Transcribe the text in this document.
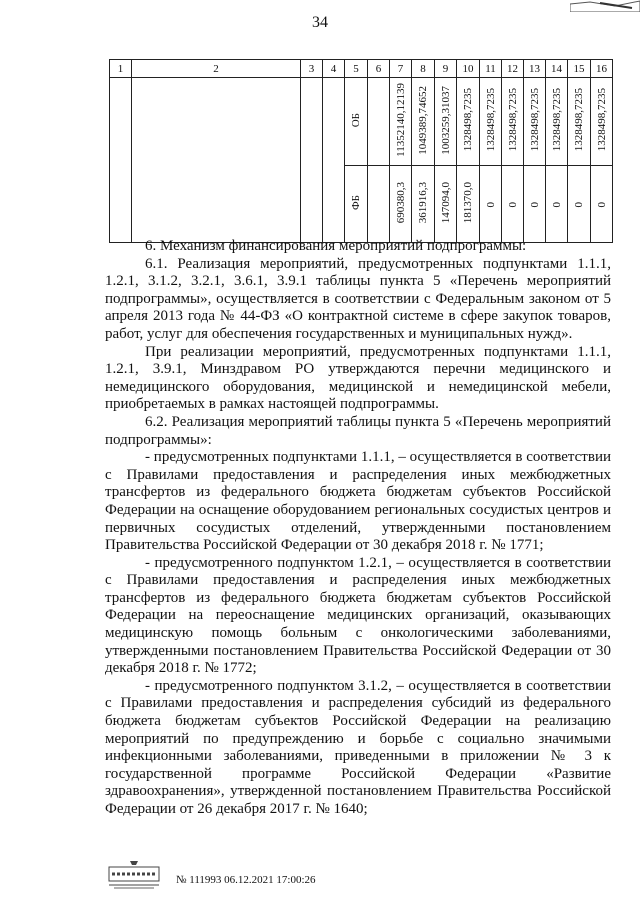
34
1	2	3	4	5	6	7	8	9	10	11	12	13	14	15	16
				ОБ		11352140,12139	1049389,74652	1003259,31037	1328498,7235	1328498,7235	1328498,7235	1328498,7235	1328498,7235	1328498,7235	1328498,7235
				ФБ		690380,3	361916,3	147094,0	181370,0	0	0	0	0	0	0

6. Механизм финансирования мероприятий подпрограммы:

6.1. Реализация мероприятий, предусмотренных подпунктами 1.1.1, 1.2.1, 3.1.2, 3.2.1, 3.6.1, 3.9.1 таблицы пункта 5 «Перечень мероприятий подпрограммы», осуществляется в соответствии с Федеральным законом от 5 апреля 2013 года № 44-ФЗ «О контрактной системе в сфере закупок товаров, работ, услуг для обеспечения государственных и муниципальных нужд».

При реализации мероприятий, предусмотренных подпунктами 1.1.1, 1.2.1, 3.9.1, Минздравом РО утверждаются перечни медицинского и немедицинского оборудования, медицинской и немедицинской мебели, приобретаемых в рамках настоящей подпрограммы.

6.2. Реализация мероприятий таблицы пункта 5 «Перечень мероприятий подпрограммы»:

- предусмотренных подпунктами 1.1.1, – осуществляется в соответствии с Правилами предоставления и распределения иных межбюджетных трансфертов из федерального бюджета бюджетам субъектов Российской Федерации на оснащение оборудованием региональных сосудистых центров и первичных сосудистых отделений, утвержденными постановлением Правительства Российской Федерации от 30 декабря 2018 г. № 1771;

- предусмотренного подпунктом 1.2.1, – осуществляется в соответствии с Правилами предоставления и распределения иных межбюджетных трансфертов из федерального бюджета бюджетам субъектов Российской Федерации на переоснащение медицинских организаций, оказывающих медицинскую помощь больным с онкологическими заболеваниями, утвержденными постановлением Правительства Российской Федерации от 30 декабря 2018 г. № 1772;

- предусмотренного подпунктом 3.1.2, – осуществляется в соответствии с Правилами предоставления и распределения субсидий из федерального бюджета бюджетам субъектов Российской Федерации на реализацию мероприятий по предупреждению и борьбе с социально значимыми инфекционными заболеваниями, приведенными в приложении № 3 к государственной программе Российской Федерации «Развитие здравоохранения», утвержденной постановлением Правительства Российской Федерации от 26 декабря 2017 г. № 1640;

№ 111993 06.12.2021 17:00:26
